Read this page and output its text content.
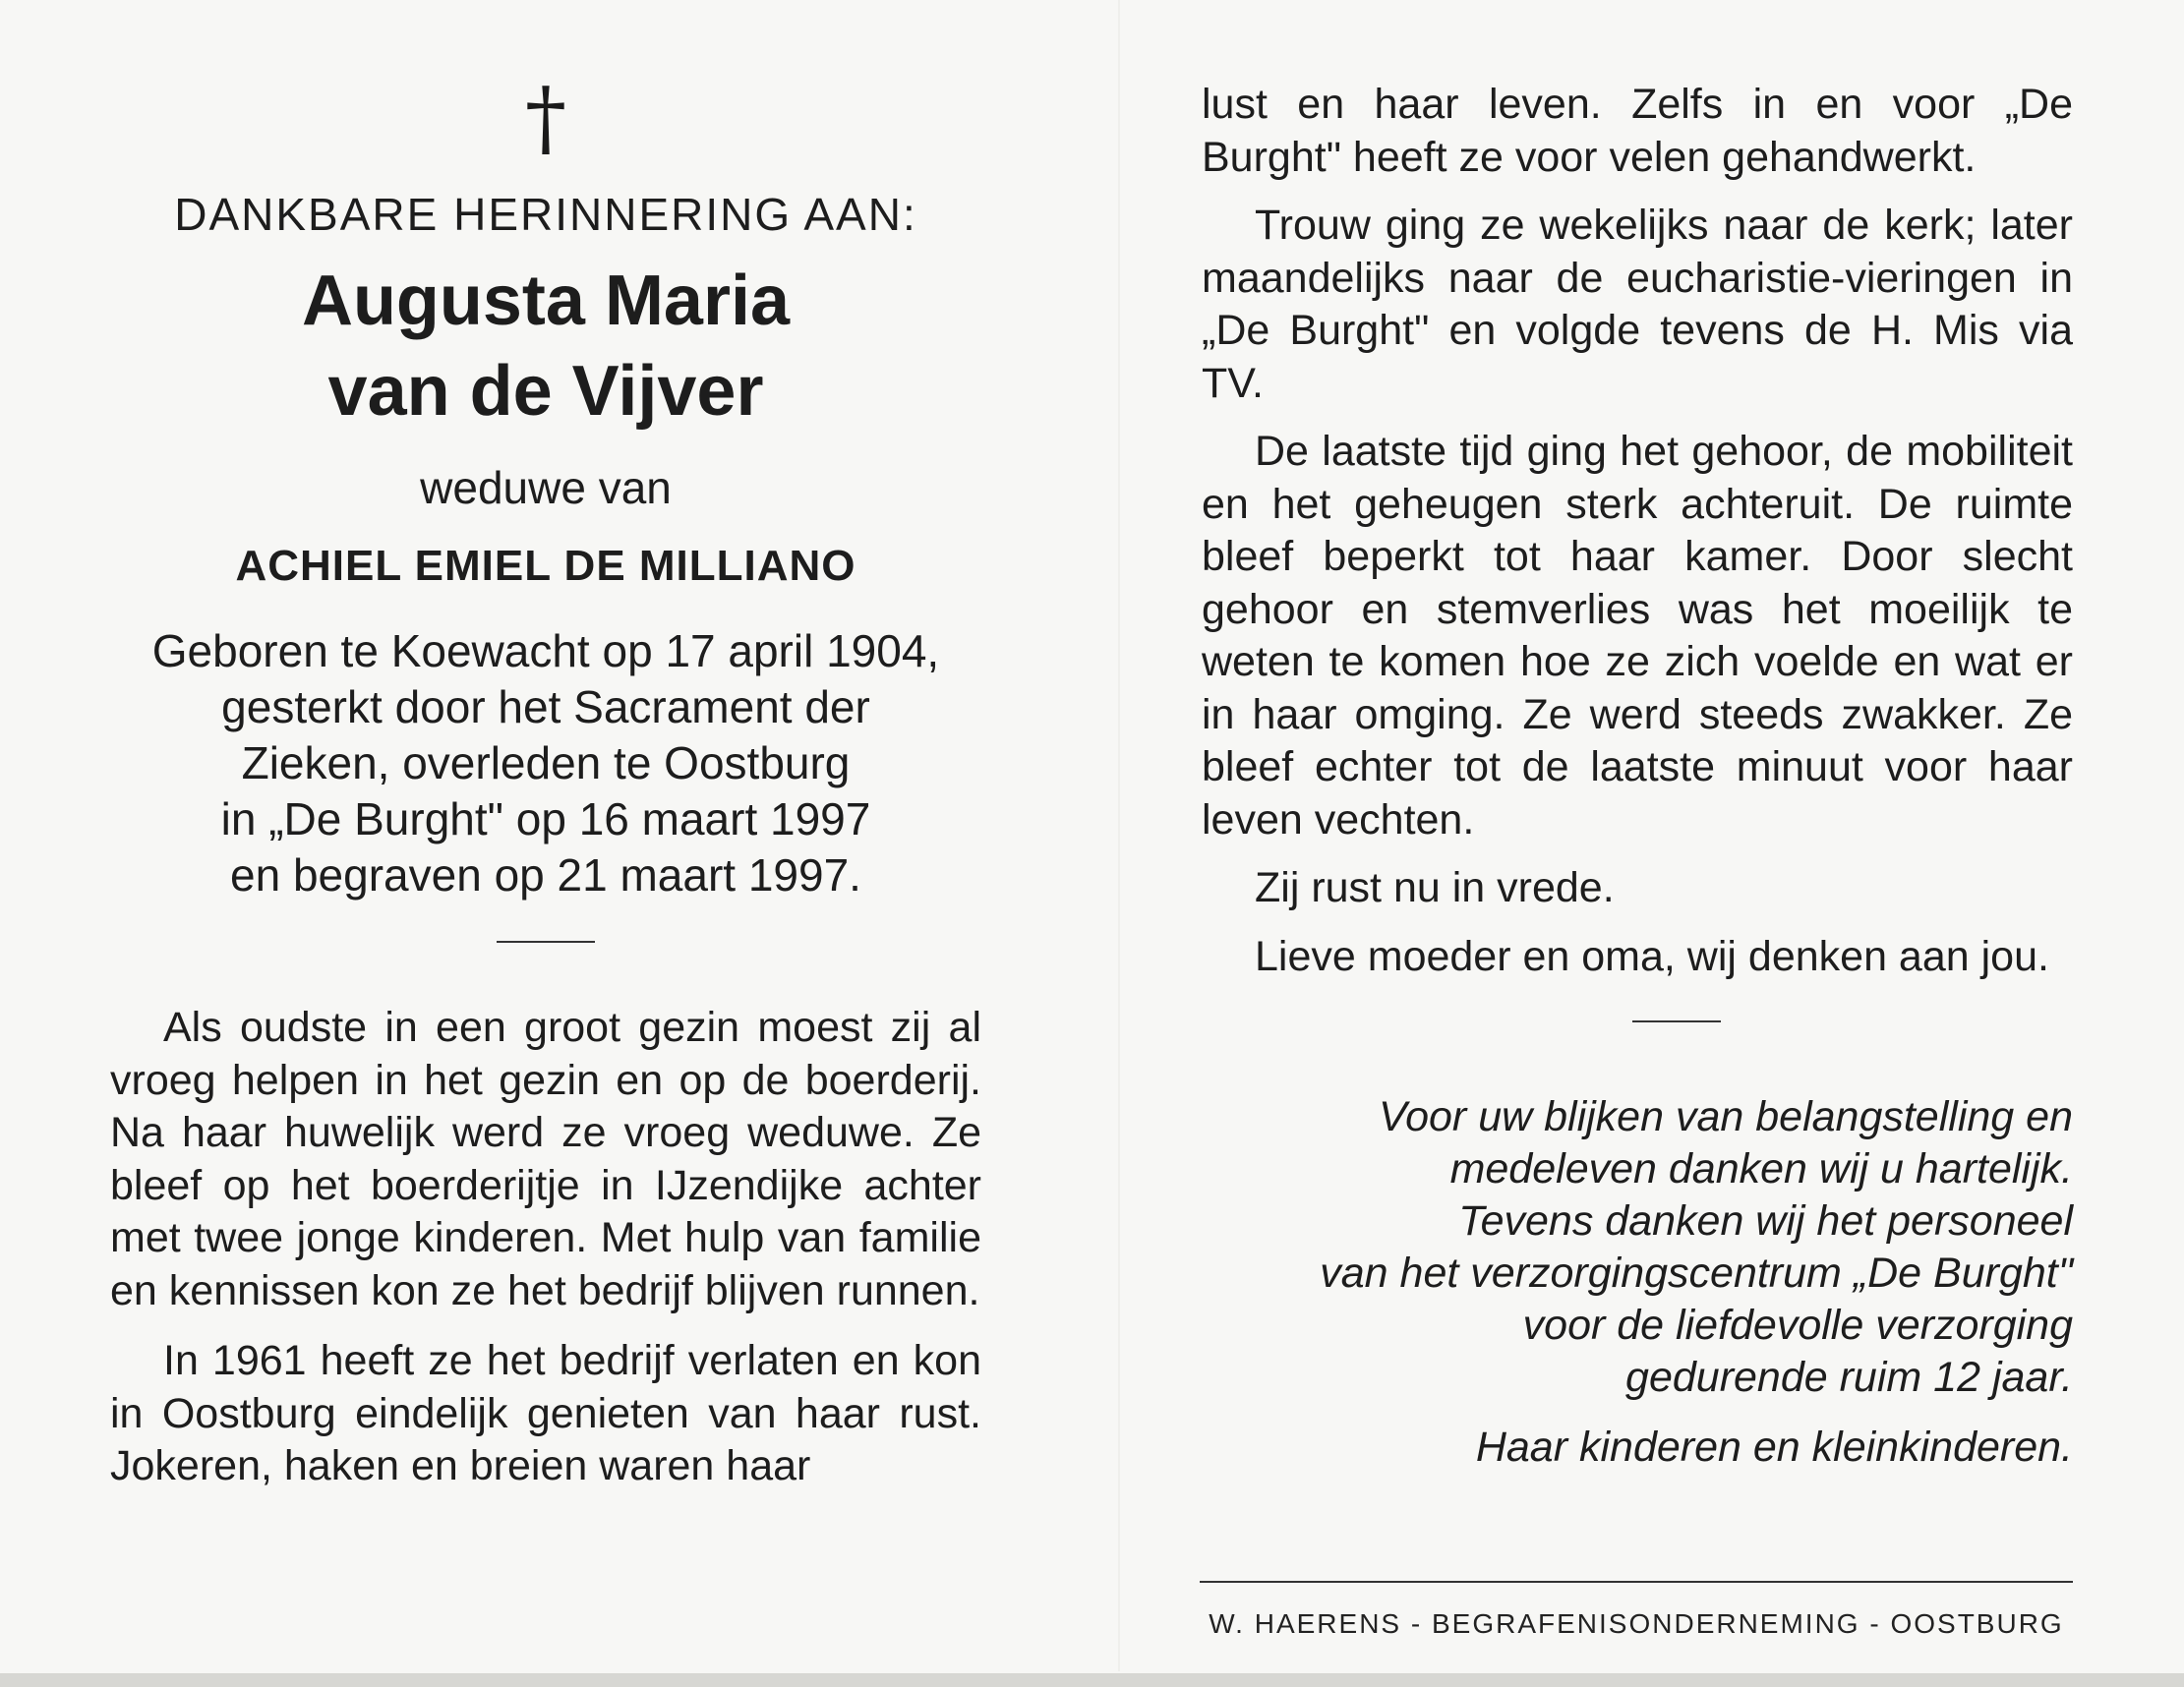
†
DANKBARE HERINNERING AAN:
Augusta Maria
van de Vijver
weduwe van
ACHIEL EMIEL DE MILLIANO
Geboren te Koewacht op 17 april 1904,
gesterkt door het Sacrament der
Zieken, overleden te Oostburg
in „De Burght" op 16 maart 1997
en begraven op 21 maart 1997.

Als oudste in een groot gezin moest zij al vroeg helpen in het gezin en op de boerderij. Na haar huwelijk werd ze vroeg weduwe. Ze bleef op het boerderijtje in IJzendijke achter met twee jonge kinderen. Met hulp van familie en kennissen kon ze het bedrijf blijven runnen.

In 1961 heeft ze het bedrijf verlaten en kon in Oostburg eindelijk genieten van haar rust. Jokeren, haken en breien waren haar

lust en haar leven. Zelfs in en voor „De Burght" heeft ze voor velen gehandwerkt.

Trouw ging ze wekelijks naar de kerk; later maandelijks naar de eucharistie-vieringen in „De Burght" en volgde tevens de H. Mis via TV.

De laatste tijd ging het gehoor, de mobiliteit en het geheugen sterk achteruit. De ruimte bleef beperkt tot haar kamer. Door slecht gehoor en stemverlies was het moeilijk te weten te komen hoe ze zich voelde en wat er in haar omging. Ze werd steeds zwakker. Ze bleef echter tot de laatste minuut voor haar leven vechten.

Zij rust nu in vrede.

Lieve moeder en oma, wij denken aan jou.

Voor uw blijken van belangstelling en
medeleven danken wij u hartelijk.
Tevens danken wij het personeel
van het verzorgingscentrum „De Burght"
voor de liefdevolle verzorging
gedurende ruim 12 jaar.
Haar kinderen en kleinkinderen.
W. HAERENS - BEGRAFENISONDERNEMING - OOSTBURG
